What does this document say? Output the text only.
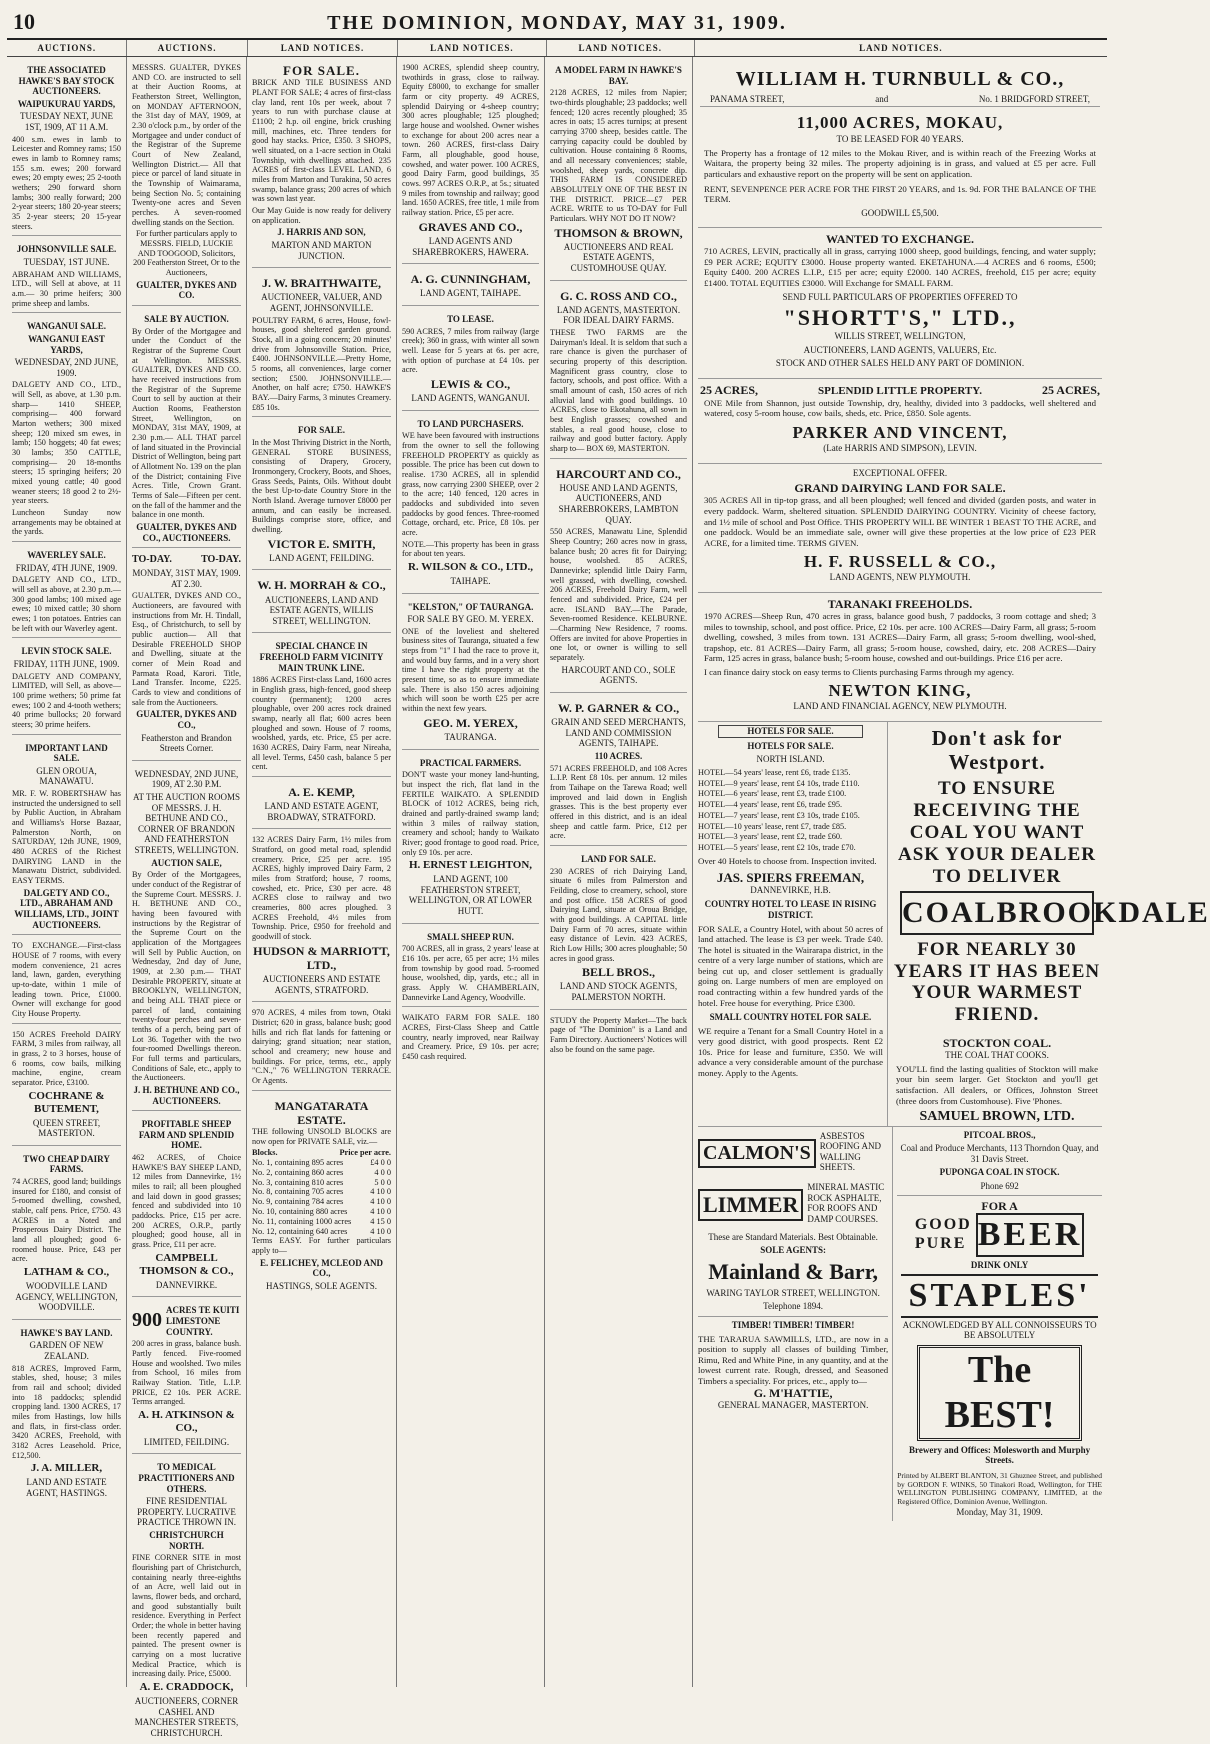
10	THE DOMINION, MONDAY, MAY 31, 1909.
AUCTIONS.	AUCTIONS.	LAND NOTICES.	LAND NOTICES.	LAND NOTICES.	LAND NOTICES.
THE ASSOCIATED HAWKE'S BAY STOCK AUCTIONEERS.
WAIPUKURAU YARDS,
TUESDAY NEXT, JUNE 1ST, 1909, AT 11 A.M.
400 s.m. ewes in lamb to Leicester and Romney rams; 150 ewes in lamb to Romney rams; 155 s.m. ewes; 200 forward ewes; 20 empty ewes; 25 2-tooth wethers; 290 forward shorn lambs; 300 really forward; 200 2-year steers; 180 20-year steers; 35 2-year steers; 20 15-year steers.
JOHNSONVILLE SALE.
TUESDAY, 1ST JUNE.
ABRAHAM AND WILLIAMS, LTD., will Sell at above, at 11 a.m.— 30 prime heifers; 300 prime sheep and lambs.
WANGANUI SALE.
WANGANUI EAST YARDS,
WEDNESDAY, 2ND JUNE, 1909.
DALGETY AND CO., LTD., will Sell, as above, at 1.30 p.m. sharp— 1410 SHEEP, comprising— 400 forward Marton wethers; 300 mixed sheep; 120 mixed sm ewes, in lamb; 150 hoggets; 40 fat ewes; 30 lambs; 350 CATTLE, comprising— 20 18-months steers; 15 springing heifers; 20 mixed young cattle; 40 good weaner steers; 18 good 2 to 2½-year steers.
Luncheon Sunday now arrangements may be obtained at the yards.
WAVERLEY SALE.
FRIDAY, 4TH JUNE, 1909.
DALGETY AND CO., LTD., will sell as above, at 2.30 p.m.— 300 good lambs; 100 mixed age ewes; 10 mixed cattle; 30 shorn ewes; 1 ton potatoes. Entries can be left with our Waverley agent.
LEVIN STOCK SALE.
FRIDAY, 11TH JUNE, 1909.
DALGETY AND COMPANY, LIMITED, will Sell, as above— 100 prime wethers; 50 prime fat ewes; 100 2 and 4-tooth wethers; 40 prime bullocks; 20 forward steers; 30 prime heifers.
IMPORTANT LAND SALE.
GLEN OROUA, MANAWATU.
MR. F. W. ROBERTSHAW has instructed the undersigned to sell by Public Auction, in Abraham and Williams's Horse Bazaar, Palmerston North, on SATURDAY, 12th JUNE, 1909, 480 ACRES of the Richest DAIRYING LAND in the Manawatu District, subdivided. EASY TERMS.
DALGETY AND CO., LTD., ABRAHAM AND WILLIAMS, LTD., JOINT AUCTIONEERS.
TO EXCHANGE.—First-class HOUSE of 7 rooms, with every modern convenience, 21 acres land, lawn, garden, everything up-to-date, within 1 mile of leading town. Price, £1000. Owner will exchange for good City House Property.
150 ACRES Freehold DAIRY FARM, 3 miles from railway, all in grass, 2 to 3 horses, house of 6 rooms, cow bails, milking machine, engine, cream separator. Price, £3100.
COCHRANE & BUTEMENT,
QUEEN STREET, MASTERTON.
TWO CHEAP DAIRY FARMS.
74 ACRES, good land; buildings insured for £180, and consist of 5-roomed dwelling, cowshed, stable, calf pens. Price, £750. 43 ACRES in a Noted and Prosperous Dairy District. The land all ploughed; good 6-roomed house. Price, £43 per acre.
LATHAM & CO.,
WOODVILLE LAND AGENCY, WELLINGTON, WOODVILLE.
HAWKE'S BAY LAND.
GARDEN OF NEW ZEALAND.
818 ACRES, Improved Farm, stables, shed, house; 3 miles from rail and school; divided into 18 paddocks; splendid cropping land. 1300 ACRES, 17 miles from Hastings, low hills and flats, in first-class order. 3420 ACRES, Freehold, with 3182 Acres Leasehold. Price, £12,500.
J. A. MILLER,
LAND AND ESTATE AGENT, HASTINGS.
MESSRS. GUALTER, DYKES AND CO. are instructed to sell at their Auction Rooms, at Featherston Street, Wellington, on MONDAY AFTERNOON, the 31st day of MAY, 1909, at 2.30 o'clock p.m., by order of the Mortgagee and under conduct of the Registrar of the Supreme Court of New Zealand, Wellington District.— All that piece or parcel of land situate in the Township of Waimarama, being Section No. 5; containing Twenty-one acres and Seven perches. A seven-roomed dwelling stands on the Section.
For further particulars apply to MESSRS. FIELD, LUCKIE AND TOOGOOD, Solicitors, 200 Featherston Street, Or to the Auctioneers,
GUALTER, DYKES AND CO.
SALE BY AUCTION.
By Order of the Mortgagee and under the Conduct of the Registrar of the Supreme Court at Wellington. MESSRS. GUALTER, DYKES AND CO. have received instructions from the Registrar of the Supreme Court to sell by auction at their Auction Rooms, Featherston Street, Wellington, on MONDAY, 31st MAY, 1909, at 2.30 p.m.— ALL THAT parcel of land situated in the Provincial District of Wellington, being part of Allotment No. 139 on the plan of the District; containing Five Acres. Title, Crown Grant. Terms of Sale—Fifteen per cent. on the fall of the hammer and the balance in one month.
GUALTER, DYKES AND CO., AUCTIONEERS.
TO-DAY.	TO-DAY.
MONDAY, 31ST MAY, 1909. AT 2.30.
GUALTER, DYKES AND CO., Auctioneers, are favoured with instructions from Mr. H. Tindall, Esq., of Christchurch, to sell by public auction— All that Desirable FREEHOLD SHOP and Dwelling, situate at the corner of Mein Road and Parmata Road, Karori. Title, Land Transfer. Income, £225. Cards to view and conditions of sale from the Auctioneers.
GUALTER, DYKES AND CO.,
Featherston and Brandon Streets Corner.
WEDNESDAY, 2ND JUNE, 1909, AT 2.30 P.M.
AT THE AUCTION ROOMS OF MESSRS. J. H. BETHUNE AND CO., CORNER OF BRANDON AND FEATHERSTON STREETS, WELLINGTON.
AUCTION SALE,
By Order of the Mortgagees, under conduct of the Registrar of the Supreme Court. MESSRS. J. H. BETHUNE AND CO., having been favoured with instructions by the Registrar of the Supreme Court on the application of the Mortgagees will Sell by Public Auction, on Wednesday, 2nd day of June, 1909, at 2.30 p.m.— THAT Desirable PROPERTY, situate at BROOKLYN, WELLINGTON, and being ALL THAT piece or parcel of land, containing twenty-four perches and seven-tenths of a perch, being part of Lot 36. Together with the two four-roomed Dwellings thereon. For full terms and particulars, Conditions of Sale, etc., apply to the Auctioneers.
J. H. BETHUNE AND CO., AUCTIONEERS.
PROFITABLE SHEEP FARM AND SPLENDID HOME.
462 ACRES, of Choice HAWKE'S BAY SHEEP LAND, 12 miles from Dannevirke, 1½ miles to rail; all been ploughed and laid down in good grasses; fenced and subdivided into 10 paddocks. Price, £15 per acre. 200 ACRES, O.R.P., partly ploughed; good house, all in grass. Price, £11 per acre.
CAMPBELL THOMSON & CO.,
DANNEVIRKE.
900 ACRES TE KUITI LIMESTONE COUNTRY.
200 acres in grass, balance bush. Partly fenced. Five-roomed House and woolshed. Two miles from School, 16 miles from Railway Station. Title, L.I.P. PRICE, £2 10s. PER ACRE. Terms arranged.
A. H. ATKINSON & CO.,
LIMITED, FEILDING.
TO MEDICAL PRACTITIONERS AND OTHERS.
FINE RESIDENTIAL PROPERTY. LUCRATIVE PRACTICE THROWN IN.
CHRISTCHURCH NORTH.
FINE CORNER SITE in most flourishing part of Christchurch, containing nearly three-eighths of an Acre, well laid out in lawns, flower beds, and orchard, and good substantially built residence. Everything in Perfect Order; the whole in better having been recently papered and painted. The present owner is carrying on a most lucrative Medical Practice, which is increasing daily. Price, £5000.
A. E. CRADDOCK,
AUCTIONEERS, CORNER CASHEL AND MANCHESTER STREETS, CHRISTCHURCH.
FOR SALE.
BRICK AND TILE BUSINESS AND PLANT FOR SALE; 4 acres of first-class clay land, rent 10s per week, about 7 years to run with purchase clause at £1100; 2 h.p. oil engine, brick crushing mill, machines, etc. Three tenders for good hay stacks. Price, £350. 3 SHOPS, well situated, on a 1-acre section in Otaki Township, with dwellings attached. 235 ACRES of first-class LEVEL LAND, 6 miles from Marton and Turakina, 50 acres swamp, balance grass; 200 acres of which was sown last year.
Our May Guide is now ready for delivery on application.
J. HARRIS AND SON,
MARTON AND MARTON JUNCTION.
J. W. BRAITHWAITE,
AUCTIONEER, VALUER, AND AGENT, JOHNSONVILLE.
POULTRY FARM, 6 acres, House, fowl-houses, good sheltered garden ground. Stock, all in a going concern; 20 minutes' drive from Johnsonville Station. Price, £400. JOHNSONVILLE.—Pretty Home, 5 rooms, all conveniences, large corner section; £500. JOHNSONVILLE.—Another, on half acre; £750. HAWKE'S BAY.—Dairy Farms, 3 minutes Creamery. £85 10s.
FOR SALE.
In the Most Thriving District in the North, GENERAL STORE BUSINESS, consisting of Drapery, Grocery, Ironmongery, Crockery, Boots, and Shoes, Grass Seeds, Paints, Oils. Without doubt the best Up-to-date Country Store in the North Island. Average turnover £8000 per annum, and can easily be increased. Buildings comprise store, office, and dwelling.
VICTOR E. SMITH,
LAND AGENT, FEILDING.
W. H. MORRAH & CO.,
AUCTIONEERS, LAND AND ESTATE AGENTS, WILLIS STREET, WELLINGTON.
SPECIAL CHANCE IN FREEHOLD FARM VICINITY MAIN TRUNK LINE.
1886 ACRES First-class Land, 1600 acres in English grass, high-fenced, good sheep country (permanent); 1200 acres ploughable, over 200 acres rock drained swamp, nearly all flat; 600 acres been ploughed and sown. House of 7 rooms, woolshed, yards, etc. Price, £5 per acre. 1630 ACRES, Dairy Farm, near Nireaha, all level. Terms, £450 cash, balance 5 per cent.
A. E. KEMP,
LAND AND ESTATE AGENT, BROADWAY, STRATFORD.
132 ACRES Dairy Farm, 1½ miles from Stratford, on good metal road, splendid creamery. Price, £25 per acre. 195 ACRES, highly improved Dairy Farm, 2 miles from Stratford; house, 7 rooms, cowshed, etc. Price, £30 per acre. 48 ACRES close to railway and two creameries, 800 acres ploughed. 3 ACRES Freehold, 4½ miles from Township. Price, £950 for freehold and goodwill of stock.
HUDSON & MARRIOTT, LTD.,
AUCTIONEERS AND ESTATE AGENTS, STRATFORD.
970 ACRES, 4 miles from town, Otaki District; 620 in grass, balance bush; good hills and rich flat lands for fattening or dairying; grand situation; near station, school and creamery; new house and buildings. For price, terms, etc., apply "C.N.," 76 WELLINGTON TERRACE. Or Agents.
MANGATARATA ESTATE.
THE following UNSOLD BLOCKS are now open for PRIVATE SALE, viz.—
Blocks.	Price per acre.
No. 1, containing 895 acres	£4 0 0
No. 2, containing 860 acres	4 0 0
No. 3, containing 810 acres	5 0 0
No. 8, containing 705 acres	4 10 0
No. 9, containing 784 acres	4 10 0
No. 10, containing 880 acres	4 10 0
No. 11, containing 1000 acres 4 15 0
No. 12, containing 640 acres	4 10 0
Terms EASY. For further particulars apply to—
E. FELICHEY, MCLEOD AND CO.,
HASTINGS, SOLE AGENTS.
1900 ACRES, splendid sheep country, twothirds in grass, close to railway. Equity £8000, to exchange for smaller farm or city property. 49 ACRES, splendid Dairying or 4-sheep country; 300 acres ploughable; 125 ploughed; large house and woolshed. Owner wishes to exchange for about 200 acres near a town. 260 ACRES, first-class Dairy Farm, all ploughable, good house, cowshed, and water power. 100 ACRES, good Dairy Farm, good buildings, 35 cows. 997 ACRES O.R.P., at 5s.; situated 9 miles from township and railway; good land. 1650 ACRES, free title, 1 mile from railway station. Price, £5 per acre.
GRAVES AND CO.,
LAND AGENTS AND SHAREBROKERS, HAWERA.
A. G. CUNNINGHAM,
LAND AGENT, TAIHAPE.
TO LEASE.
590 ACRES, 7 miles from railway (large creek); 360 in grass, with winter all sown well. Lease for 5 years at 6s. per acre, with option of purchase at £4 10s. per acre.
LEWIS & CO.,
LAND AGENTS, WANGANUI.
TO LAND PURCHASERS.
WE have been favoured with instructions from the owner to sell the following FREEHOLD PROPERTY as quickly as possible. The price has been cut down to realise. 1730 ACRES, all in splendid grass, now carrying 2300 SHEEP, over 2 to the acre; 140 fenced, 120 acres in paddocks and subdivided into seven paddocks by good fences. Three-roomed Cottage, orchard, etc. Price, £8 10s. per acre.
NOTE.—This property has been in grass for about ten years.
R. WILSON & CO., LTD.,
TAIHAPE.
"KELSTON," OF TAURANGA.
FOR SALE BY GEO. M. YEREX.
ONE of the loveliest and sheltered business sites of Tauranga, situated a few steps from "1" I had the race to prove it, and would buy farms, and in a very short time I have the right property at the present time, so as to ensure immediate sale. There is also 150 acres adjoining which will soon be worth £25 per acre within the next few years.
GEO. M. YEREX,
TAURANGA.
PRACTICAL FARMERS.
DON'T waste your money land-hunting, but inspect the rich, flat land in the FERTILE WAIKATO. A SPLENDID BLOCK of 1012 ACRES, being rich, drained and partly-drained swamp land; within 3 miles of railway station, creamery and school; handy to Waikato River; good frontage to good road. Price, only £9 10s. per acre.
H. ERNEST LEIGHTON,
LAND AGENT, 100 FEATHERSTON STREET, WELLINGTON, OR AT LOWER HUTT.
SMALL SHEEP RUN.
700 ACRES, all in grass, 2 years' lease at £16 10s. per acre, 65 per acre; 1½ miles from township by good road. 5-roomed house, woolshed, dip, yards, etc.; all in grass. Apply W. CHAMBERLAIN, Dannevirke Land Agency, Woodville.
WAIKATO FARM FOR SALE. 180 ACRES, First-Class Sheep and Cattle country, nearly improved, near Railway and Creamery. Price, £9 10s. per acre; £450 cash required.
A MODEL FARM IN HAWKE'S BAY.
2128 ACRES, 12 miles from Napier; two-thirds ploughable; 23 paddocks; well fenced; 120 acres recently ploughed; 35 acres in oats; 15 acres turnips; at present carrying 3700 sheep, besides cattle. The carrying capacity could be doubled by cultivation. House containing 8 Rooms, and all necessary conveniences; stable, woolshed, sheep yards, concrete dip. THIS FARM IS CONSIDERED ABSOLUTELY ONE OF THE BEST IN THE DISTRICT. PRICE—£7 PER ACRE. WRITE to us TO-DAY for Full Particulars. WHY NOT DO IT NOW?
THOMSON & BROWN,
AUCTIONEERS AND REAL ESTATE AGENTS, CUSTOMHOUSE QUAY.
G. C. ROSS AND CO.,
LAND AGENTS, MASTERTON. FOR IDEAL DAIRY FARMS.
THESE TWO FARMS are the Dairyman's Ideal. It is seldom that such a rare chance is given the purchaser of securing property of this description. Magnificent grass country, close to factory, schools, and post office. With a small amount of cash, 150 acres of rich alluvial land with good buildings. 10 ACRES, close to Ekotahuna, all sown in best English grasses; cowshed and stables, a real good house, close to railway and good butter factory. Apply sharp to— BOX 69, MASTERTON.
HARCOURT AND CO.,
HOUSE AND LAND AGENTS, AUCTIONEERS, AND SHAREBROKERS, LAMBTON QUAY.
550 ACRES, Manawatu Line, Splendid Sheep Country; 260 acres now in grass, balance bush; 20 acres fit for Dairying; house, woolshed. 85 ACRES, Dannevirke; splendid little Dairy Farm, well grassed, with dwelling, cowshed. 206 ACRES, Freehold Dairy Farm, well fenced and subdivided. Price, £24 per acre. ISLAND BAY.—The Parade, Seven-roomed Residence. KELBURNE.—Charming New Residence, 7 rooms. Offers are invited for above Properties in one lot, or owner is willing to sell separately.
HARCOURT AND CO., SOLE AGENTS.
W. P. GARNER & CO.,
GRAIN AND SEED MERCHANTS, LAND AND COMMISSION AGENTS, TAIHAPE.
110 ACRES.
571 ACRES FREEHOLD, and 108 Acres L.I.P. Rent £8 10s. per annum. 12 miles from Taihape on the Tarewa Road; well improved and laid down in English grasses. This is the best property ever offered in this district, and is an ideal sheep and cattle farm. Price, £12 per acre.
LAND FOR SALE.
230 ACRES of rich Dairying Land, situate 6 miles from Palmerston and Feilding, close to creamery, school, store and post office. 158 ACRES of good Dairying Land, situate at Oroua Bridge, with good buildings. A CAPITAL little Dairy Farm of 70 acres, situate within easy distance of Levin. 423 ACRES, Rich Low Hills; 300 acres ploughable; 50 acres in good grass.
BELL BROS.,
LAND AND STOCK AGENTS, PALMERSTON NORTH.
STUDY the Property Market—The back page of "The Dominion" is a Land and Farm Directory. Auctioneers' Notices will also be found on the same page.
WILLIAM H. TURNBULL & CO.,
PANAMA STREET,	and	No. 1 BRIDGFORD STREET,
11,000 ACRES, MOKAU,
TO BE LEASED FOR 40 YEARS.
The Property has a frontage of 12 miles to the Mokau River, and is within reach of the Freezing Works at Waitara, the property being 32 miles. The property adjoining is in grass, and valued at £5 per acre. Full particulars and exhaustive report on the property will be sent on application.
RENT, SEVENPENCE PER ACRE FOR THE FIRST 20 YEARS, and 1s. 9d. FOR THE BALANCE OF THE TERM.
GOODWILL £5,500.
WANTED TO EXCHANGE.
710 ACRES, LEVIN, practically all in grass, carrying 1000 sheep, good buildings, fencing, and water supply; £9 PER ACRE; EQUITY £3000. House property wanted. EKETAHUNA.—4 ACRES and 6 rooms, £500; Equity £400. 200 ACRES L.I.P., £15 per acre; equity £2000. 140 ACRES, freehold, £15 per acre; equity £1400. TOTAL EQUITIES £3000. Will Exchange for SMALL FARM.
SEND FULL PARTICULARS OF PROPERTIES OFFERED TO
"SHORTT'S," LTD.,
WILLIS STREET, WELLINGTON,
AUCTIONEERS, LAND AGENTS, VALUERS, Etc.
STOCK AND OTHER SALES HELD ANY PART OF DOMINION.
25 ACRES,	SPLENDID LITTLE PROPERTY.	25 ACRES,
ONE Mile from Shannon, just outside Township, dry, healthy, divided into 3 paddocks, well sheltered and watered, cosy 5-room house, cow bails, sheds, etc. Price, £850. Sole agents.
PARKER AND VINCENT,
(Late HARRIS AND SIMPSON), LEVIN.
EXCEPTIONAL OFFER.
GRAND DAIRYING LAND FOR SALE.
305 ACRES All in tip-top grass, and all been ploughed; well fenced and divided (garden posts, and water in every paddock. Warm, sheltered situation. SPLENDID DAIRYING COUNTRY. Vicinity of cheese factory, and 1½ mile of school and Post Office. THIS PROPERTY WILL BE WINTER 1 BEAST TO THE ACRE, and one paddock. Would be an immediate sale, owner will give these properties at the low price of £23 PER ACRE, for a limited time. TERMS GIVEN.
H. F. RUSSELL & CO.,
LAND AGENTS, NEW PLYMOUTH.
TARANAKI FREEHOLDS.
1970 ACRES—Sheep Run, 470 acres in grass, balance good bush, 7 paddocks, 3 room cottage and shed; 3 miles to township, school, and post office. Price, £2 10s. per acre. 100 ACRES—Dairy Farm, all grass; 5-room dwelling, cowshed, 3 miles from town. 131 ACRES—Dairy Farm, all grass; 5-room dwelling, wool-shed, trapshop, etc. 81 ACRES—Dairy Farm, all grass; 5-room house, cowshed, dairy, etc. 208 ACRES—Dairy Farm, 125 acres in grass, balance bush; 5-room house, cowshed and out-buildings. Price £16 per acre.
I can finance dairy stock on easy terms to Clients purchasing Farms through my agency.
NEWTON KING,
LAND AND FINANCIAL AGENCY, NEW PLYMOUTH.
HOTELS FOR SALE.
HOTELS FOR SALE.
NORTH ISLAND.
HOTEL—54 years' lease, rent £6, trade £135.
HOTEL—9 years' lease, rent £4 10s, trade £110.
HOTEL—6 years' lease, rent £3, trade £100.
HOTEL—4 years' lease, rent £6, trade £95.
HOTEL—7 years' lease, rent £3 10s, trade £105.
HOTEL—10 years' lease, rent £7, trade £85.
HOTEL—3 years' lease, rent £2, trade £60.
HOTEL—5 years' lease, rent £2 10s, trade £70.
Over 40 Hotels to choose from. Inspection invited.
JAS. SPIERS FREEMAN,
DANNEVIRKE, H.B.
COUNTRY HOTEL TO LEASE IN RISING DISTRICT.
FOR SALE, a Country Hotel, with about 50 acres of land attached. The lease is £3 per week. Trade £40. The hotel is situated in the Wairarapa district, in the centre of a very large number of stations, which are being cut up, and closer settlement is gradually going on. Large numbers of men are employed on road contracting within a few hundred yards of the hotel. Free house for everything. Price £300.
SMALL COUNTRY HOTEL FOR SALE.
WE require a Tenant for a Small Country Hotel in a very good district, with good prospects. Rent £2 10s. Price for lease and furniture, £350. We will advance a very considerable amount of the purchase money. Apply to the Agents.
Don't ask for Westport.
TO ENSURE RECEIVING THE COAL YOU WANT ASK YOUR DEALER TO DELIVER
COALBROOKDALE
FOR NEARLY 30 YEARS IT HAS BEEN YOUR WARMEST FRIEND.
STOCKTON COAL.
THE COAL THAT COOKS.
YOU'LL find the lasting qualities of Stockton will make your bin seem larger. Get Stockton and you'll get satisfaction. All dealers, or Offices, Johnston Street (three doors from Customhouse). Five 'Phones.
SAMUEL BROWN, LTD.
CALMON'S
ASBESTOS ROOFING AND WALLING SHEETS.
LIMMER
MINERAL MASTIC ROCK ASPHALTE, FOR ROOFS AND DAMP COURSES.
These are Standard Materials. Best Obtainable.
SOLE AGENTS:
Mainland & Barr,
WARING TAYLOR STREET, WELLINGTON.
Telephone 1894.
TIMBER! TIMBER! TIMBER!
THE TARARUA SAWMILLS, LTD., are now in a position to supply all classes of building Timber, Rimu, Red and White Pine, in any quantity, and at the lowest current rate. Rough, dressed, and Seasoned Timbers a speciality. For prices, etc., apply to—
G. M'HATTIE,
GENERAL MANAGER, MASTERTON.
PITCOAL BROS.,
Coal and Produce Merchants, 113 Thorndon Quay, and 31 Davis Street.
PUPONGA COAL IN STOCK.
Phone 692
FOR A
GOOD
PURE BEER
DRINK ONLY
STAPLES'
ACKNOWLEDGED BY ALL CONNOISSEURS TO BE ABSOLUTELY
The BEST!
Brewery and Offices: Molesworth and Murphy Streets.
Printed by ALBERT BLANTON, 31 Ghuznee Street, and published by GORDON F. WINKS, 50 Tinakori Road, Wellington, for THE WELLINGTON PUBLISHING COMPANY, LIMITED, at the Registered Office, Dominion Avenue, Wellington.
Monday, May 31, 1909.
